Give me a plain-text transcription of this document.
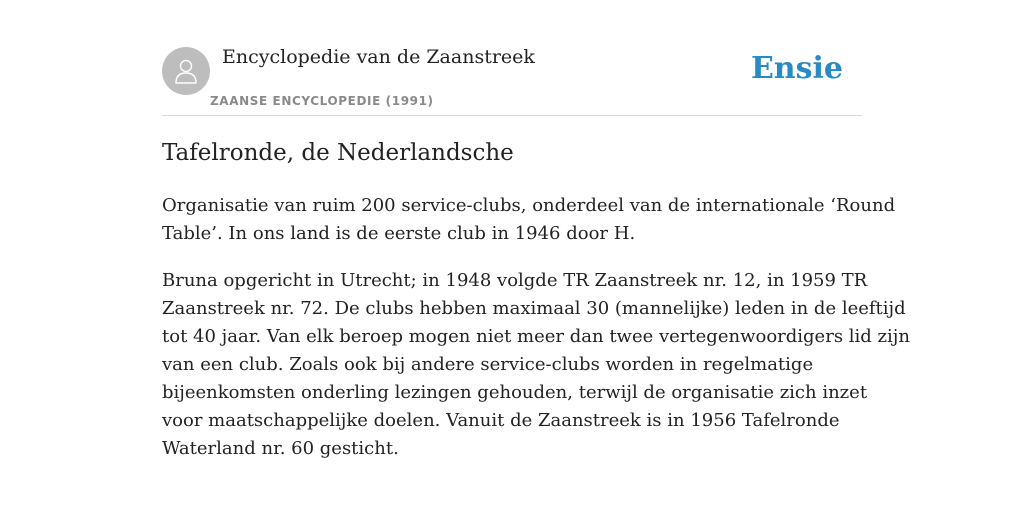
Encyclopedie van de Zaanstreek
ZAANSE ENCYCLOPEDIE (1991)
Ensie
Tafelronde, de Nederlandsche

Organisatie van ruim 200 service-clubs, onderdeel van de internationale ‘Round
Table’. In ons land is de eerste club in 1946 door H.

Bruna opgericht in Utrecht; in 1948 volgde TR Zaanstreek nr. 12, in 1959 TR
Zaanstreek nr. 72. De clubs hebben maximaal 30 (mannelijke) leden in de leeftijd
tot 40 jaar. Van elk beroep mogen niet meer dan twee vertegenwoordigers lid zijn
van een club. Zoals ook bij andere service-clubs worden in regelmatige
bijeenkomsten onderling lezingen gehouden, terwijl de organisatie zich inzet
voor maatschappelijke doelen. Vanuit de Zaanstreek is in 1956 Tafelronde
Waterland nr. 60 gesticht.
